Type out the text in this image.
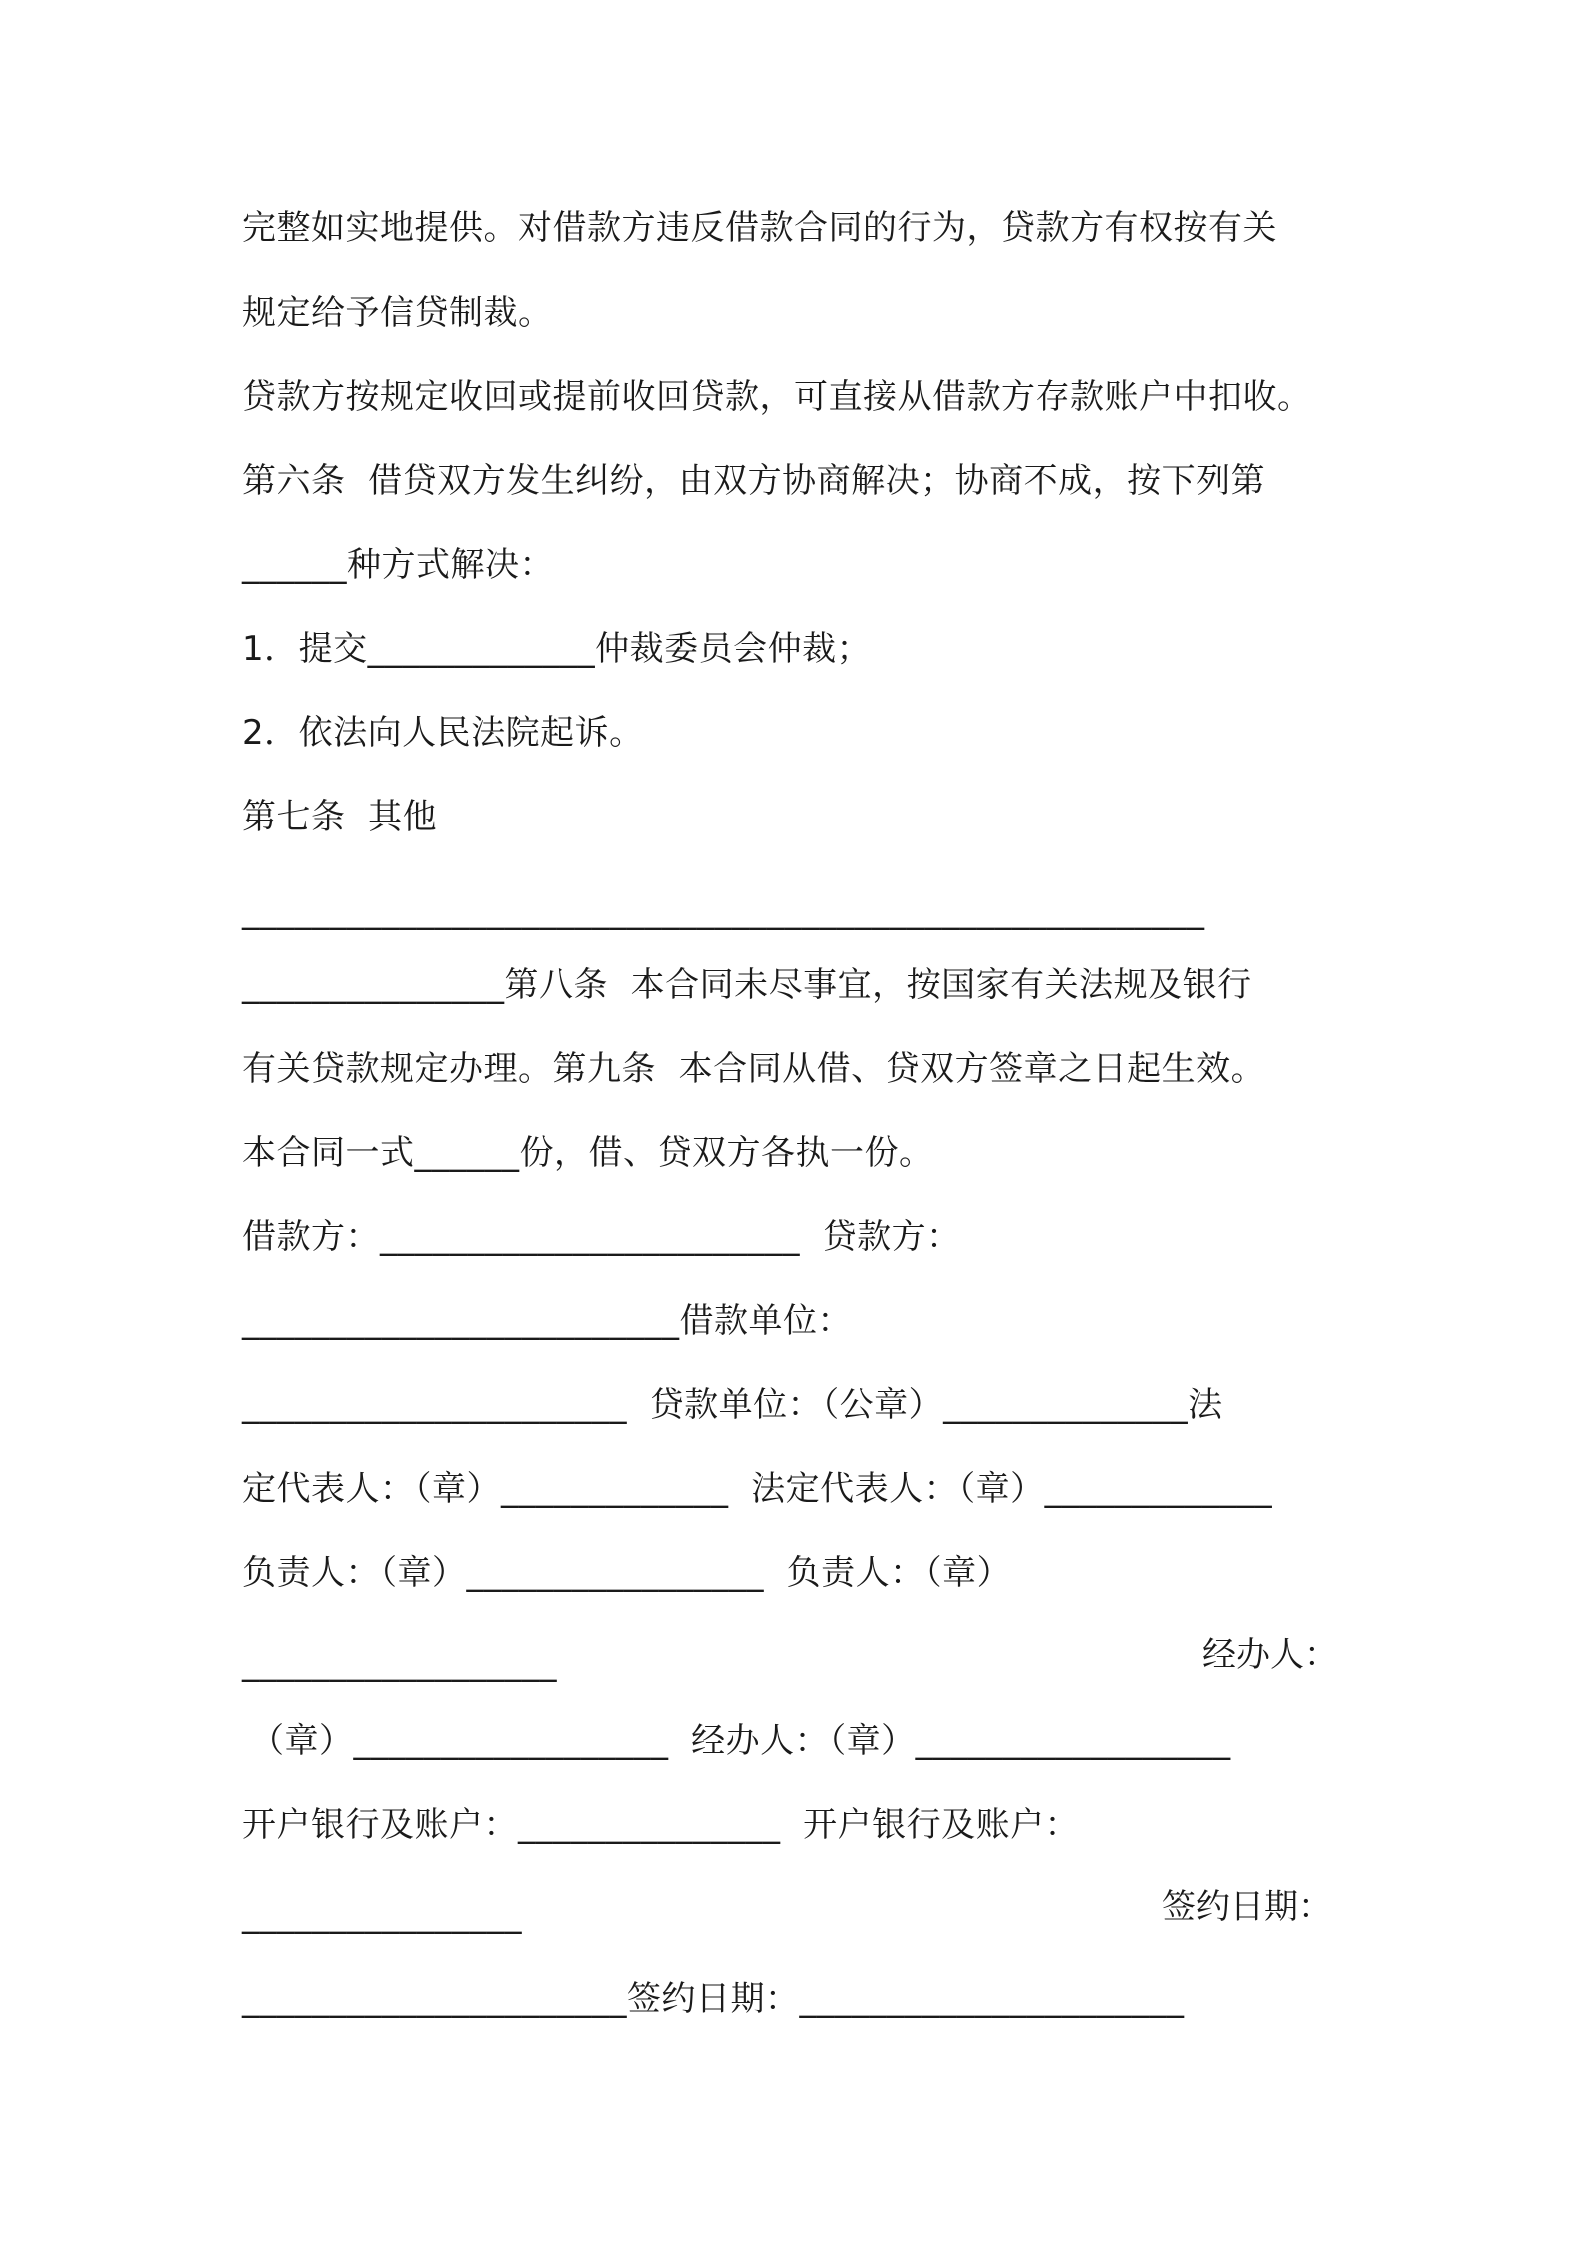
完整如实地提供。对借款方违反借款合同的行为，贷款方有权按有关
规定给予信贷制裁。
贷款方按规定收回或提前收回贷款，可直接从借款方存款账户中扣收。
第六条  借贷双方发生纠纷，由双方协商解决；协商不成，按下列第
______种方式解决：
1．提交_____________仲裁委员会仲裁；
2．依法向人民法院起诉。
第七条  其他
_______________________________________________________
_______________第八条  本合同未尽事宜，按国家有关法规及银行
有关贷款规定办理。第九条  本合同从借、贷双方签章之日起生效。
本合同一式______份，借、贷双方各执一份。
借款方：________________________  贷款方：
_________________________借款单位：
______________________  贷款单位：（公章）______________法
定代表人：（章）_____________  法定代表人：（章）_____________
负责人：（章）_________________  负责人：（章）
__________________	经办人：
（章）__________________  经办人：（章）__________________
开户银行及账户：_______________  开户银行及账户：
________________	签约日期：
______________________签约日期：______________________
